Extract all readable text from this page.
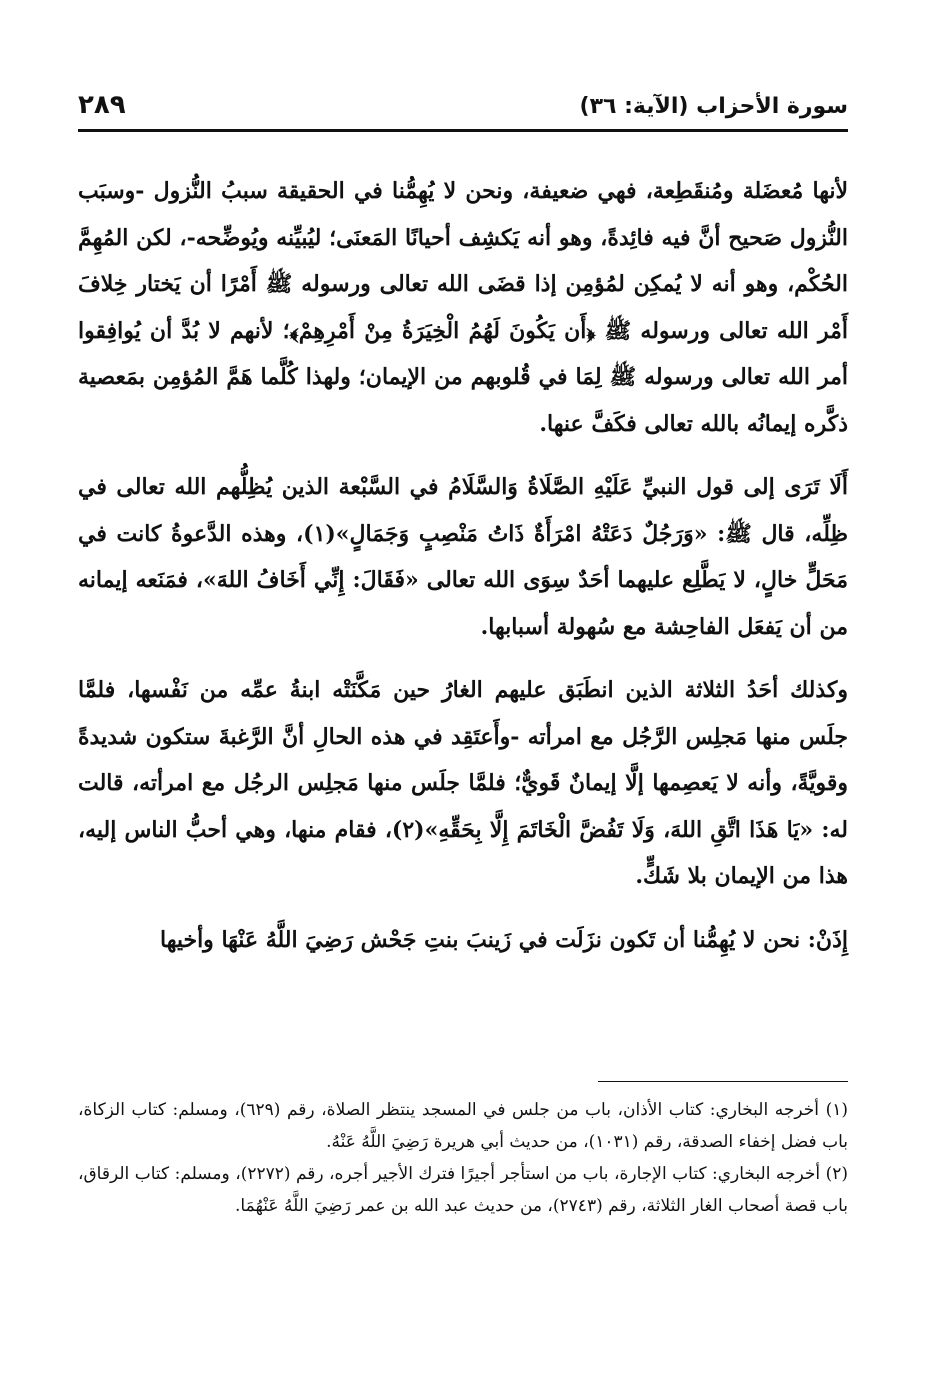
سورة الأحزاب (الآية: ٣٦)
٢٨٩

لأنها مُعضَلة ومُنقَطِعة، فهي ضعيفة، ونحن لا يُهِمُّنا في الحقيقة سببُ النُّزول -وسبَب النُّزول صَحيح أنَّ فيه فائِدةً، وهو أنه يَكشِف أحيانًا المَعنَى؛ ليُبيِّنه ويُوضِّحه-، لكن المُهِمَّ الحُكْم، وهو أنه لا يُمكِن لمُؤمِن إذا قضَى الله تعالى ورسوله ﷺ أَمْرًا أن يَختار خِلافَ أَمْر الله تعالى ورسوله ﷺ ﴿أَن يَكُونَ لَهُمُ الْخِيَرَةُ مِنْ أَمْرِهِمْ﴾؛ لأنهم لا بُدَّ أن يُوافِقوا أمر الله تعالى ورسوله ﷺ لِمَا في قُلوبهم من الإيمان؛ ولهذا كُلَّما هَمَّ المُؤمِن بمَعصية ذكَّره إيمانُه بالله تعالى فكَفَّ عنها.

أَلَا تَرَى إلى قول النبيِّ عَلَيْهِ الصَّلَاةُ وَالسَّلَامُ في السَّبْعة الذين يُظِلُّهم الله تعالى في ظِلِّه، قال ﷺ: «وَرَجُلٌ دَعَتْهُ امْرَأَةٌ ذَاتُ مَنْصِبٍ وَجَمَالٍ»(١)، وهذه الدَّعوةُ كانت في مَحَلٍّ خالٍ، لا يَطَّلِع عليهما أحَدٌ سِوَى الله تعالى «فَقَالَ: إِنِّي أَخَافُ اللهَ»، فمَنَعه إيمانه من أن يَفعَل الفاحِشة مع سُهولة أسبابها.

وكذلك أحَدُ الثلاثة الذين انطَبَق عليهم الغارُ حين مَكَّنَتْه ابنةُ عمِّه من نَفْسها، فلمَّا جلَس منها مَجلِس الرَّجُل مع امرأته -وأَعتَقِد في هذه الحالِ أنَّ الرَّغبةَ ستكون شديدةً وقويَّةً، وأنه لا يَعصِمها إلَّا إيمانٌ قَويٌّ؛ فلمَّا جلَس منها مَجلِس الرجُل مع امرأته، قالت له: «يَا هَذَا اتَّقِ اللهَ، وَلَا تَفُضَّ الْخَاتَمَ إِلَّا بِحَقِّهِ»(٢)، فقام منها، وهي أحبُّ الناس إليه، هذا من الإيمان بلا شَكٍّ.

إِذَنْ: نحن لا يُهِمُّنا أن تَكون نزَلَت في زَينبَ بنتِ جَحْش رَضِيَ اللَّهُ عَنْهَا وأخيها

(١) أخرجه البخاري: كتاب الأذان، باب من جلس في المسجد ينتظر الصلاة، رقم (٦٢٩)، ومسلم: كتاب الزكاة، باب فضل إخفاء الصدقة، رقم (١٠٣١)، من حديث أبي هريرة رَضِيَ اللَّهُ عَنْهُ.

(٢) أخرجه البخاري: كتاب الإجارة، باب من استأجر أجيرًا فترك الأجير أجره، رقم (٢٢٧٢)، ومسلم: كتاب الرقاق، باب قصة أصحاب الغار الثلاثة، رقم (٢٧٤٣)، من حديث عبد الله بن عمر رَضِيَ اللَّهُ عَنْهُمَا.
